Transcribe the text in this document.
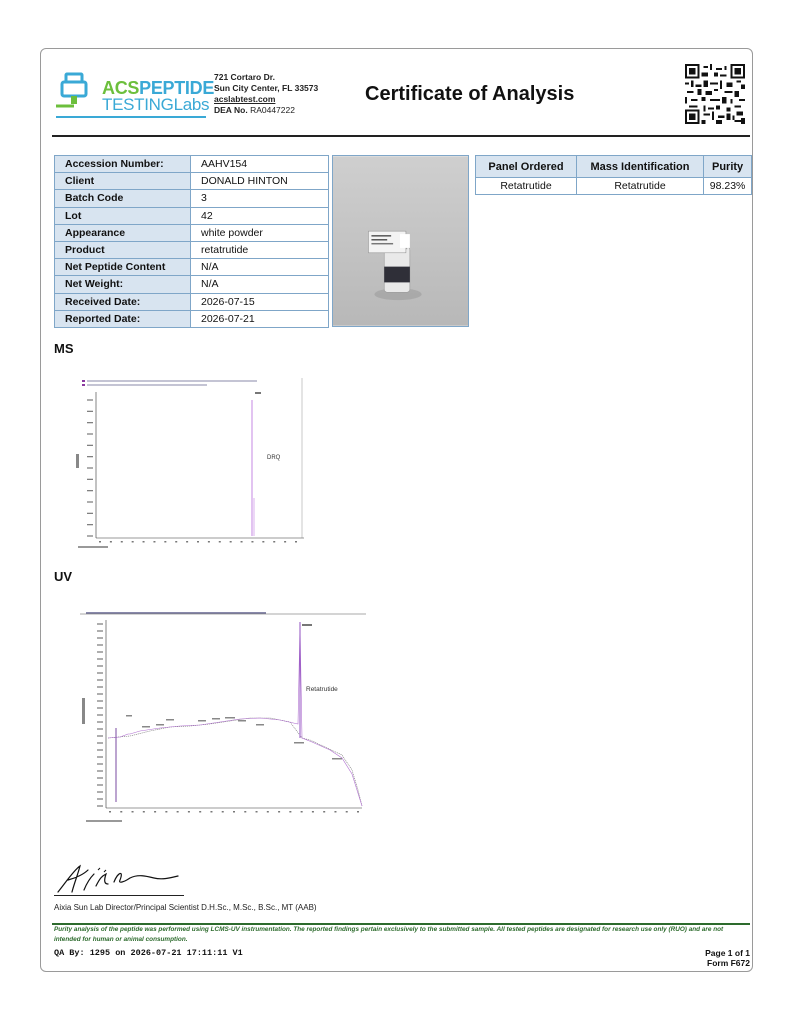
ACSPEPTIDE
TESTINGLabs
721 Cortaro Dr.
Sun City Center, FL 33573
acslabtest.com
DEA No. RA0447222
Certificate of Analysis
Accession Number:	AAHV154
Client	DONALD HINTON
Batch Code	3
Lot	42
Appearance	white powder
Product	retatrutide
Net Peptide Content	N/A
Net Weight:	N/A
Received Date:	2026-07-15
Reported Date:	2026-07-21
Panel Ordered	Mass Identification	Purity
Retatrutide	Retatrutide	98.23%
MS
DRQ
UV
Retatrutide
Aixia Sun Lab Director/Principal Scientist D.H.Sc., M.Sc., B.Sc., MT (AAB)
Purity analysis of the peptide was performed using LCMS-UV instrumentation. The reported findings pertain exclusively to the submitted sample. All tested peptides are designated for research use only (RUO) and are not intended for human or animal consumption.
QA By: 1295 on 2026-07-21 17:11:11 V1	Page 1 of 1
Form F672
